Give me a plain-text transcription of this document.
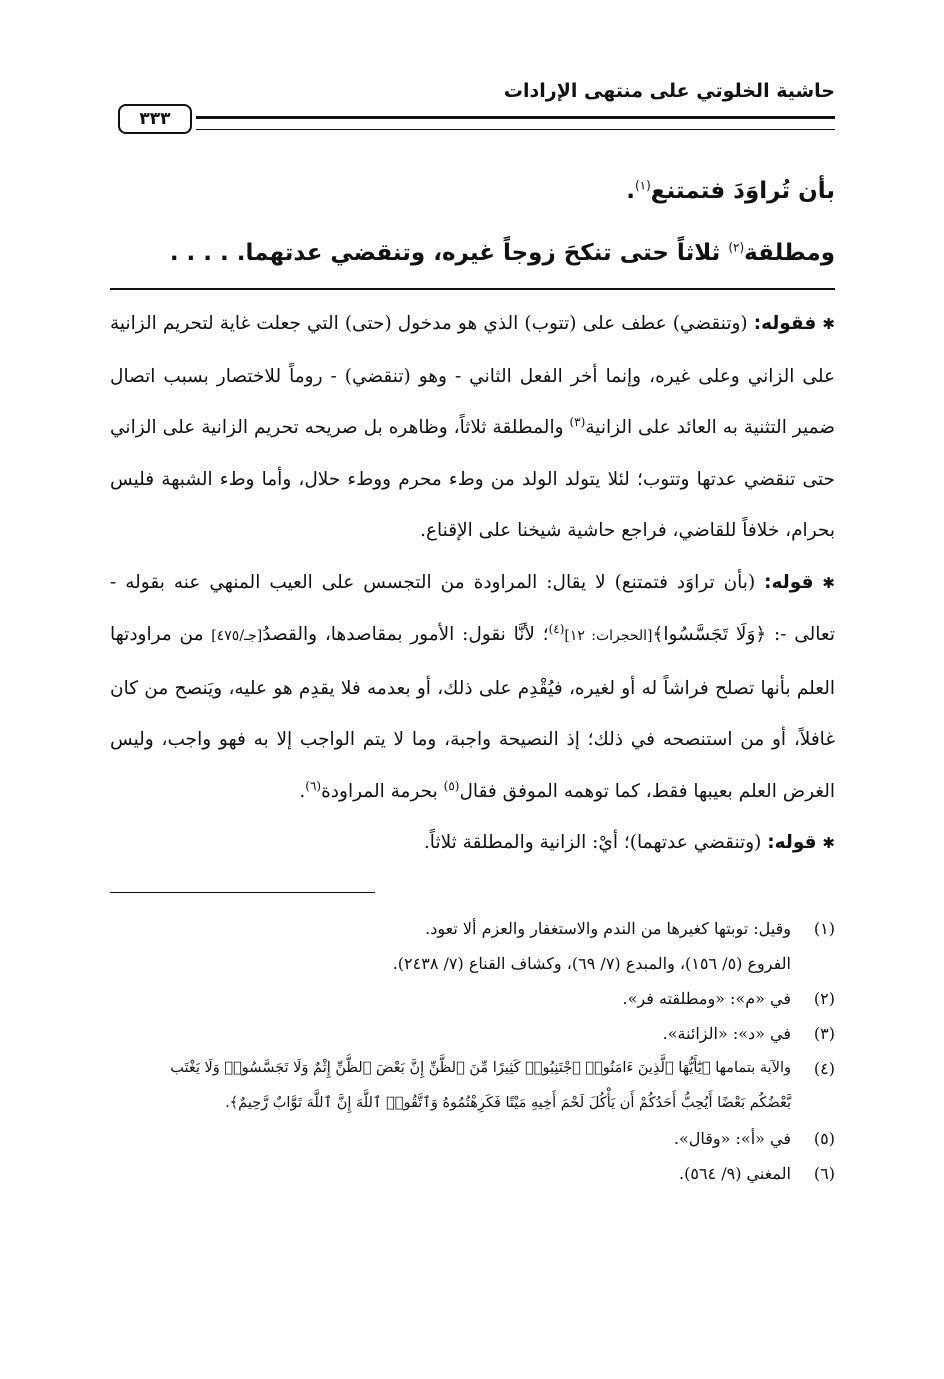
حاشية الخلوتي على منتهى الإرادات
٣٣٣
بأن تُراوَدَ فتمتنع$^{(١)}$.
ومطلقة$^{(٢)}$ ثلاثاً حتى تنكحَ زوجاً غيره، وتنقضي عدتهما. . . . .

✱ فقوله: (وتنقضي) عطف على (تتوب) الذي هو مدخول (حتى) التي جعلت غاية لتحريم الزانية على الزاني وعلى غيره، وإنما أخر الفعل الثاني - وهو (تنقضي) - روماً للاختصار بسبب اتصال ضمير التثنية به العائد على الزانية$^{(٣)}$ والمطلقة ثلاثاً، وظاهره بل صريحه تحريم الزانية على الزاني حتى تنقضي عدتها وتتوب؛ لئلا يتولد الولد من وطء محرم ووطء حلال، وأما وطء الشبهة فليس بحرام، خلافاً للقاضي، فراجع حاشية شيخنا على الإقناع.

✱ قوله: (بأن تراوَد فتمتنع) لا يقال: المراودة من التجسس على العيب المنهي عنه بقوله - تعالى -: ﴿وَلَا تَجَسَّسُوا﴾[الحجرات: ١٢]$^{(٤)}$؛ لأنَّا نقول: الأمور بمقاصدها، والقصدُ[جـ/٤٧٥] من مراودتها العلم بأنها تصلح فراشاً له أو لغيره، فيُقْدِم على ذلك، أو بعدمه فلا يقدِم هو عليه، ويَنصح من كان غافلاً، أو من استنصحه في ذلك؛ إذ النصيحة واجبة، وما لا يتم الواجب إلا به فهو واجب، وليس الغرض العلم بعيبها فقط، كما توهمه الموفق فقال$^{(٥)}$ بحرمة المراودة$^{(٦)}$.

✱ قوله: (وتنقضي عدتهما)؛ أيْ: الزانية والمطلقة ثلاثاً.

(١)
وقيل: توبتها كغيرها من الندم والاستغفار والعزم ألا تعود.
الفروع (٥/ ١٥٦)، والمبدع (٧/ ٦٩)، وكشاف القناع (٧/ ٢٤٣٨).
(٢)
في «م»: «ومطلقته فر».
(٣)
في «د»: «الزائنة».
(٤)
والآية بتمامها ﴿يَٰٓأَيُّهَا ٱلَّذِينَ ءَامَنُوا۟ ٱجْتَنِبُوا۟ كَثِيرًا مِّنَ ٱلظَّنِّ إِنَّ بَعْضَ ٱلظَّنِّ إِثْمٌ وَلَا تَجَسَّسُوا۟ وَلَا يَغْتَب
بَّعْضُكُم بَعْضًا أَيُحِبُّ أَحَدُكُمْ أَن يَأْكُلَ لَحْمَ أَخِيهِ مَيْتًا فَكَرِهْتُمُوهُ وَٱتَّقُوا۟ ٱللَّهَ إِنَّ ٱللَّهَ تَوَّابٌ رَّحِيمٌ﴾.
(٥)
في «أ»: «وقال».
(٦)
المغني (٩/ ٥٦٤).
